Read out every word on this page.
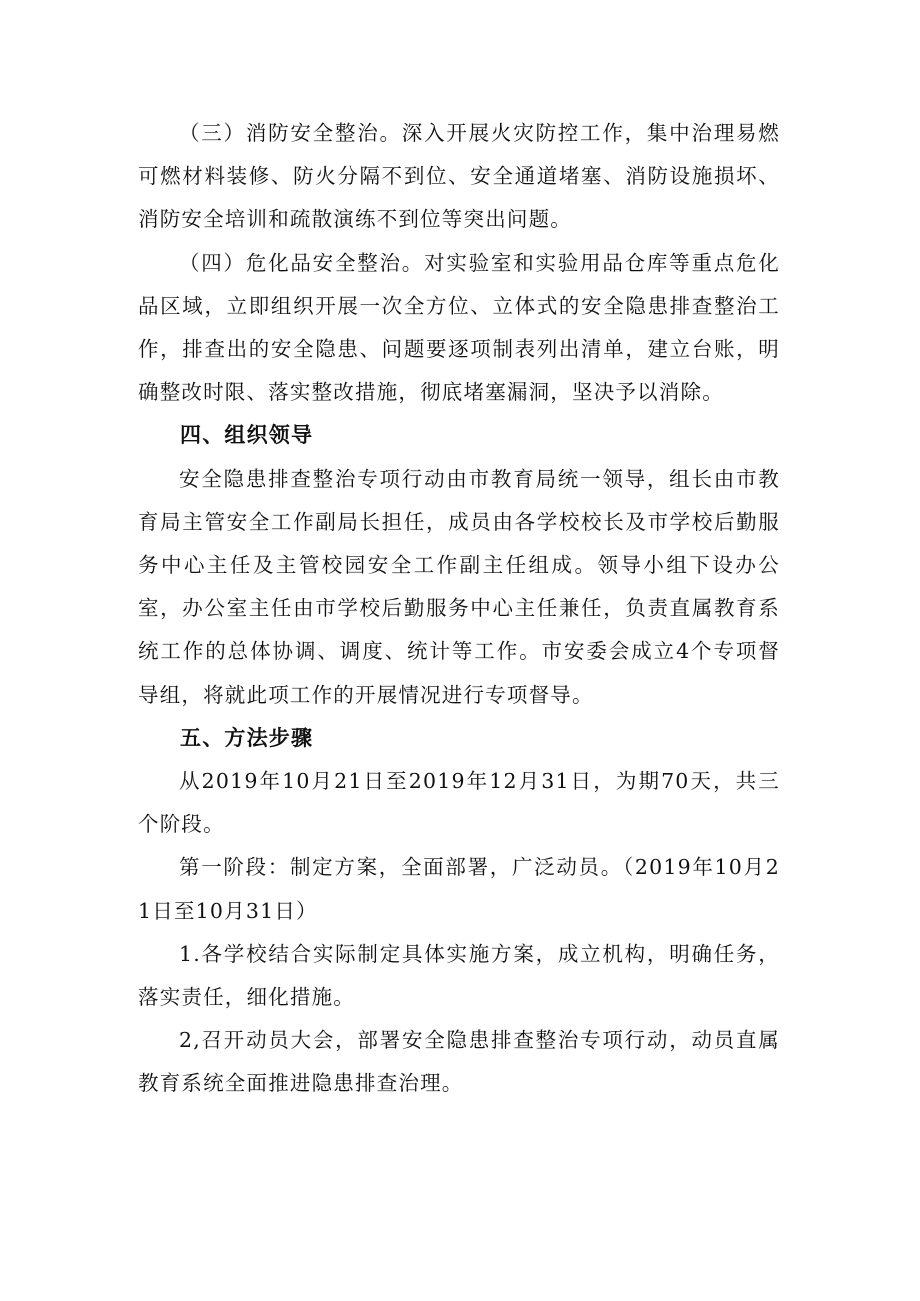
（三）消防安全整治。深入开展火灾防控工作，集中治理易燃可燃材料装修、防火分隔不到位、安全通道堵塞、消防设施损坏、消防安全培训和疏散演练不到位等突出问题。

（四）危化品安全整治。对实验室和实验用品仓库等重点危化品区域，立即组织开展一次全方位、立体式的安全隐患排查整治工作，排查出的安全隐患、问题要逐项制表列出清单，建立台账，明确整改时限、落实整改措施，彻底堵塞漏洞，坚决予以消除。

四、组织领导

安全隐患排查整治专项行动由市教育局统一领导，组长由市教育局主管安全工作副局长担任，成员由各学校校长及市学校后勤服务中心主任及主管校园安全工作副主任组成。领导小组下设办公室，办公室主任由市学校后勤服务中心主任兼任，负责直属教育系统工作的总体协调、调度、统计等工作。市安委会成立4个专项督导组，将就此项工作的开展情况进行专项督导。

五、方法步骤

从2019年10月21日至2019年12月31日，为期70天，共三个阶段。

第一阶段：制定方案，全面部署，广泛动员。（2019年10月21日至10月31日）

1.各学校结合实际制定具体实施方案，成立机构，明确任务，落实责任，细化措施。

2,召开动员大会，部署安全隐患排查整治专项行动，动员直属教育系统全面推进隐患排查治理。
